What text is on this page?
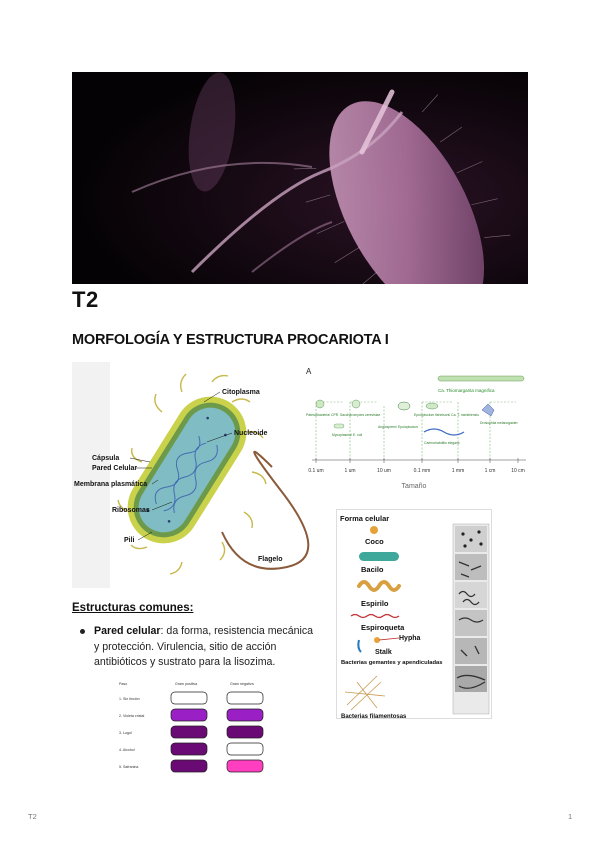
T2
MORFOLOGÍA Y ESTRUCTURA PROCARIOTA I
Citoplasma
Nucleoide
Cápsula
Pared Celular
Membrana plasmática
Ribosomas
Pili
Flagelo
A
Ca. Thiomargarita magnifica
Patescibacteria/ CPR Saccharomyces cerevisiae
Mycoplasma/ E. coli
Epulopiscium fishelsoni/ Ca. T. namibiensis
Caenorhabditis elegans
Drosophila melanogaster
Angiosperm/ Epulopiscium
0.1 um	1 um	10 um	0.1 mm	1 mm	1 cm	10 cm
Tamaño
Forma celular
Coco
Bacilo
Espirilo
Espiroqueta
Hypha
Stalk
Bacterias gemantes y apendiculadas
Bacterias filamentosas
Estructuras comunes:
Pared celular: da forma, resistencia mecánica y protección. Virulencia, sitio de acción antibióticos y sustrato para la lisozima.
Paso	Gram positiva	Gram negativa
1. Sin tinción
2. Violeta cristal
3. Lugol
4. Alcohol
5. Safranina
T2	1
